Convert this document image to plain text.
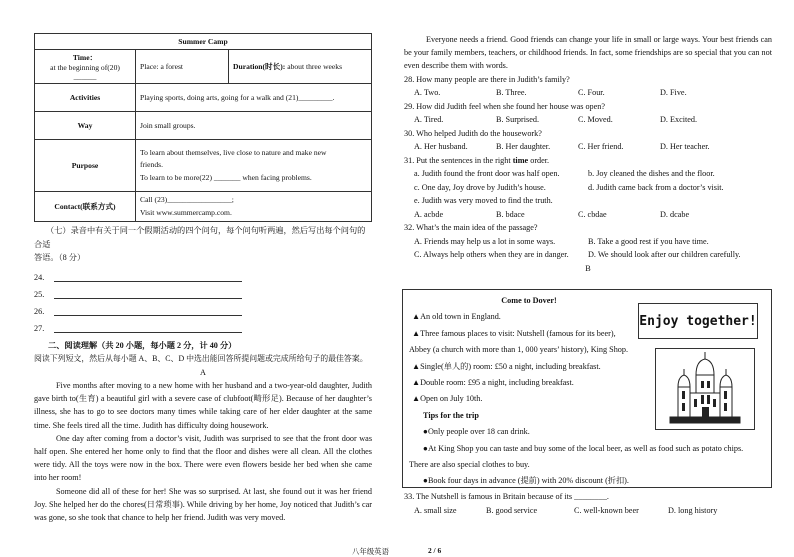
Summer Camp		

Time：
at the beginning of(20) ______	Place: a forest	Duration(时长): about three weeks
Activities	Playing sports, doing arts, going for a walk and (21)_________.	
Way	Join small groups.	
Purpose	To learn about themselves, live close to nature and make new
friends.
To learn to be more(22) _______ when facing problems.	

Contact(联系方式)	Call (23)_________________;
Visit www.summercamp.com.	
（七）录音中有关于同一个假期活动的四个问句，每个问句听两遍，然后写出每个问句的合适
答语。（8 分）
24.
25.
26.
27.
二、阅读理解（共 20 小题，每小题 2 分，计 40 分）
阅读下列短文，然后从每小题 A、B、C、D 中选出能回答所提问题或完成所给句子的最佳答案。
A

Five months after moving to a new home with her husband and a two-year-old daughter, Judith gave birth to(生育) a beautiful girl with a severe case of clubfoot(畸形足). Because of her daughter’s illness, she has to go to see doctors many times while taking care of her elder daughter at the same time. She feels tired all the time. Judith has difficulty doing housework.

One day after coming from a doctor’s visit, Judith was surprised to see that the front door was half open. She entered her home only to find that the floor and dishes were all clean. All the clothes were tidy. All the toys were now in the box. There were even flowers beside her bed when she came into her room!

Someone did all of these for her! She was so surprised. At last, she found out it was her friend Joy. She helped her do the chores(日常琐事). While driving by her home, Joy noticed that Judith’s car was gone, so she took that chance to help her friend. Judith was very moved.

Everyone needs a friend. Good friends can change your life in small or large ways. Your best friends can be your family members, teachers, or childhood friends. In fact, some friendships are so special that you can not even describe them with words.

28. How many people are there in Judith’s family?
A. Two.	B. Three.	C. Four.	D. Five.
29. How did Judith feel when she found her house was open?
A. Tired.	B. Surprised.	C. Moved.	D. Excited.
30. Who helped Judith do the housework?
A. Her husband.	B. Her daughter.	C. Her friend.	D. Her teacher.
31. Put the sentences in the right time order.
a. Judith found the front door was half open.	b. Joy cleaned the dishes and the floor.
c. One day, Joy drove by Judith’s house.	d. Judith came back from a doctor’s visit.
e. Judith was very moved to find the truth.
A. acbde	B. bdace	C. cbdae	D. dcabe
32. What’s the main idea of the passage?
A. Friends may help us a lot in some ways.	B. Take a good rest if you have time.
C. Always help others when they are in danger.	D. We should look after our children carefully.
B
Come to Dover!
▲An old town in England.
▲Three famous places to visit: Nutshell (famous for its beer),
Abbey (a church with more than 1, 000 years’ history), King Shop.
▲Single(单人的) room: £50 a night, including breakfast.
▲Double room: £95 a night, including breakfast.
▲Open on July 10th.
Tips for the trip
●Only people over 18 can drink.
●At King Shop you can taste and buy some of the local beer, as well as food such as potato chips.
There are also special clothes to buy.
●Book four days in advance (提前) with 20% discount (折扣).
Enjoy together!
33. The Nutshell is famous in Britain because of its ________.
A. small size	B. good service	C. well-known beer	D. long history
八年级英语	2 / 6
